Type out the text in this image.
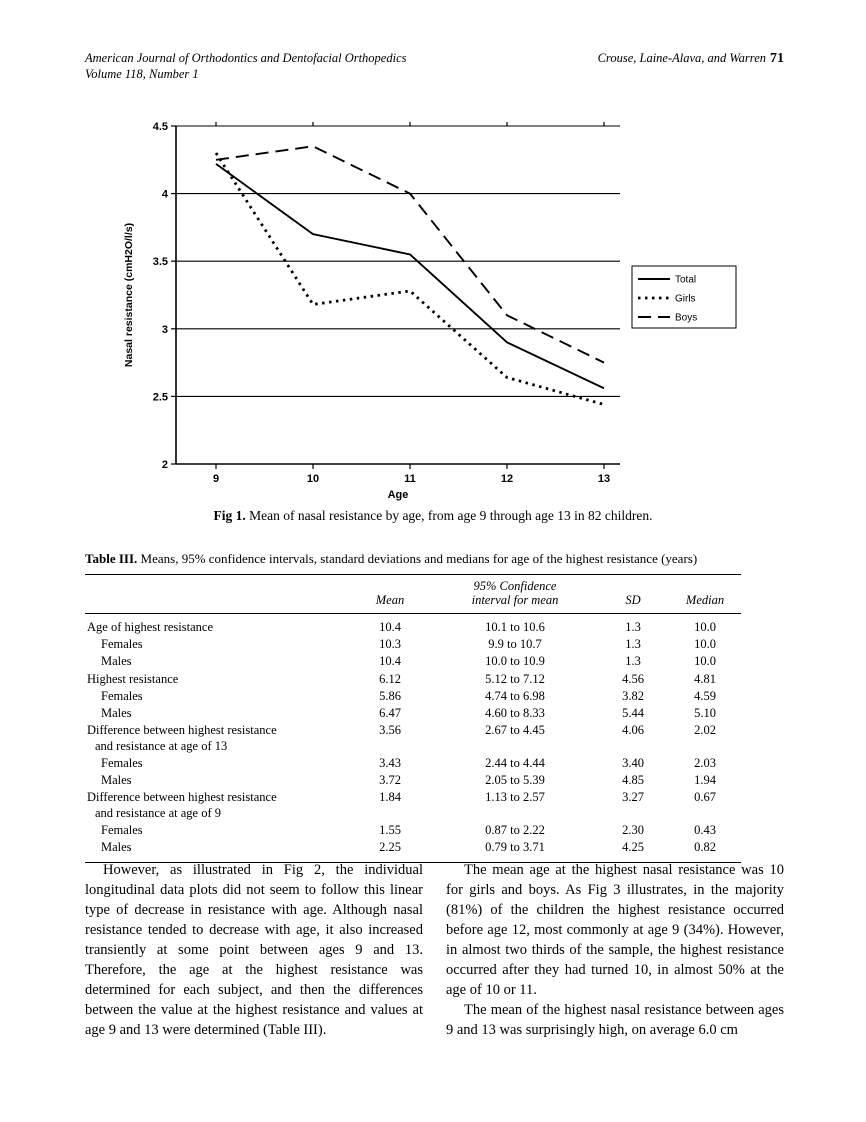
American Journal of Orthodontics and Dentofacial Orthopedics
Volume 118, Number 1
Crouse, Laine-Alava, and Warren 71
2
2.5
3
3.5
4
4.5
9	10	11	12	13
Age
Nasal resistance (cmH2O/l/s)	Total
Girls
Boys
Fig 1. Mean of nasal resistance by age, from age 9 through age 13 in 82 children.
Table III. Means, 95% confidence intervals, standard deviations and medians for age of the highest resistance (years)
	Mean	95% Confidence
interval for mean	SD	Median
Age of highest resistance	10.4	10.1 to 10.6	1.3	10.0
Females	10.3	9.9 to 10.7	1.3	10.0
Males	10.4	10.0 to 10.9	1.3	10.0
Highest resistance	6.12	5.12 to 7.12	4.56	4.81
Females	5.86	4.74 to 6.98	3.82	4.59
Males	6.47	4.60 to 8.33	5.44	5.10

Difference between highest resistance
and resistance at age of 13	3.56	2.67 to 4.45	4.06	2.02
Females	3.43	2.44 to 4.44	3.40	2.03
Males	3.72	2.05 to 5.39	4.85	1.94

Difference between highest resistance
and resistance at age of 9	1.84	1.13 to 2.57	3.27	0.67
Females	1.55	0.87 to 2.22	2.30	0.43
Males	2.25	0.79 to 3.71	4.25	0.82

However, as illustrated in Fig 2, the individual longitudinal data plots did not seem to follow this linear type of decrease in resistance with age. Although nasal resistance tended to decrease with age, it also increased transiently at some point between ages 9 and 13. Therefore, the age at the highest resistance was determined for each subject, and then the differences between the value at the highest resistance and values at age 9 and 13 were determined (Table III).

The mean age at the highest nasal resistance was 10 for girls and boys. As Fig 3 illustrates, in the majority (81%) of the children the highest resistance occurred before age 12, most commonly at age 9 (34%). However, in almost two thirds of the sample, the highest resistance occurred after they had turned 10, in almost 50% at the age of 10 or 11.

The mean of the highest nasal resistance between ages 9 and 13 was surprisingly high, on average 6.0 cm
